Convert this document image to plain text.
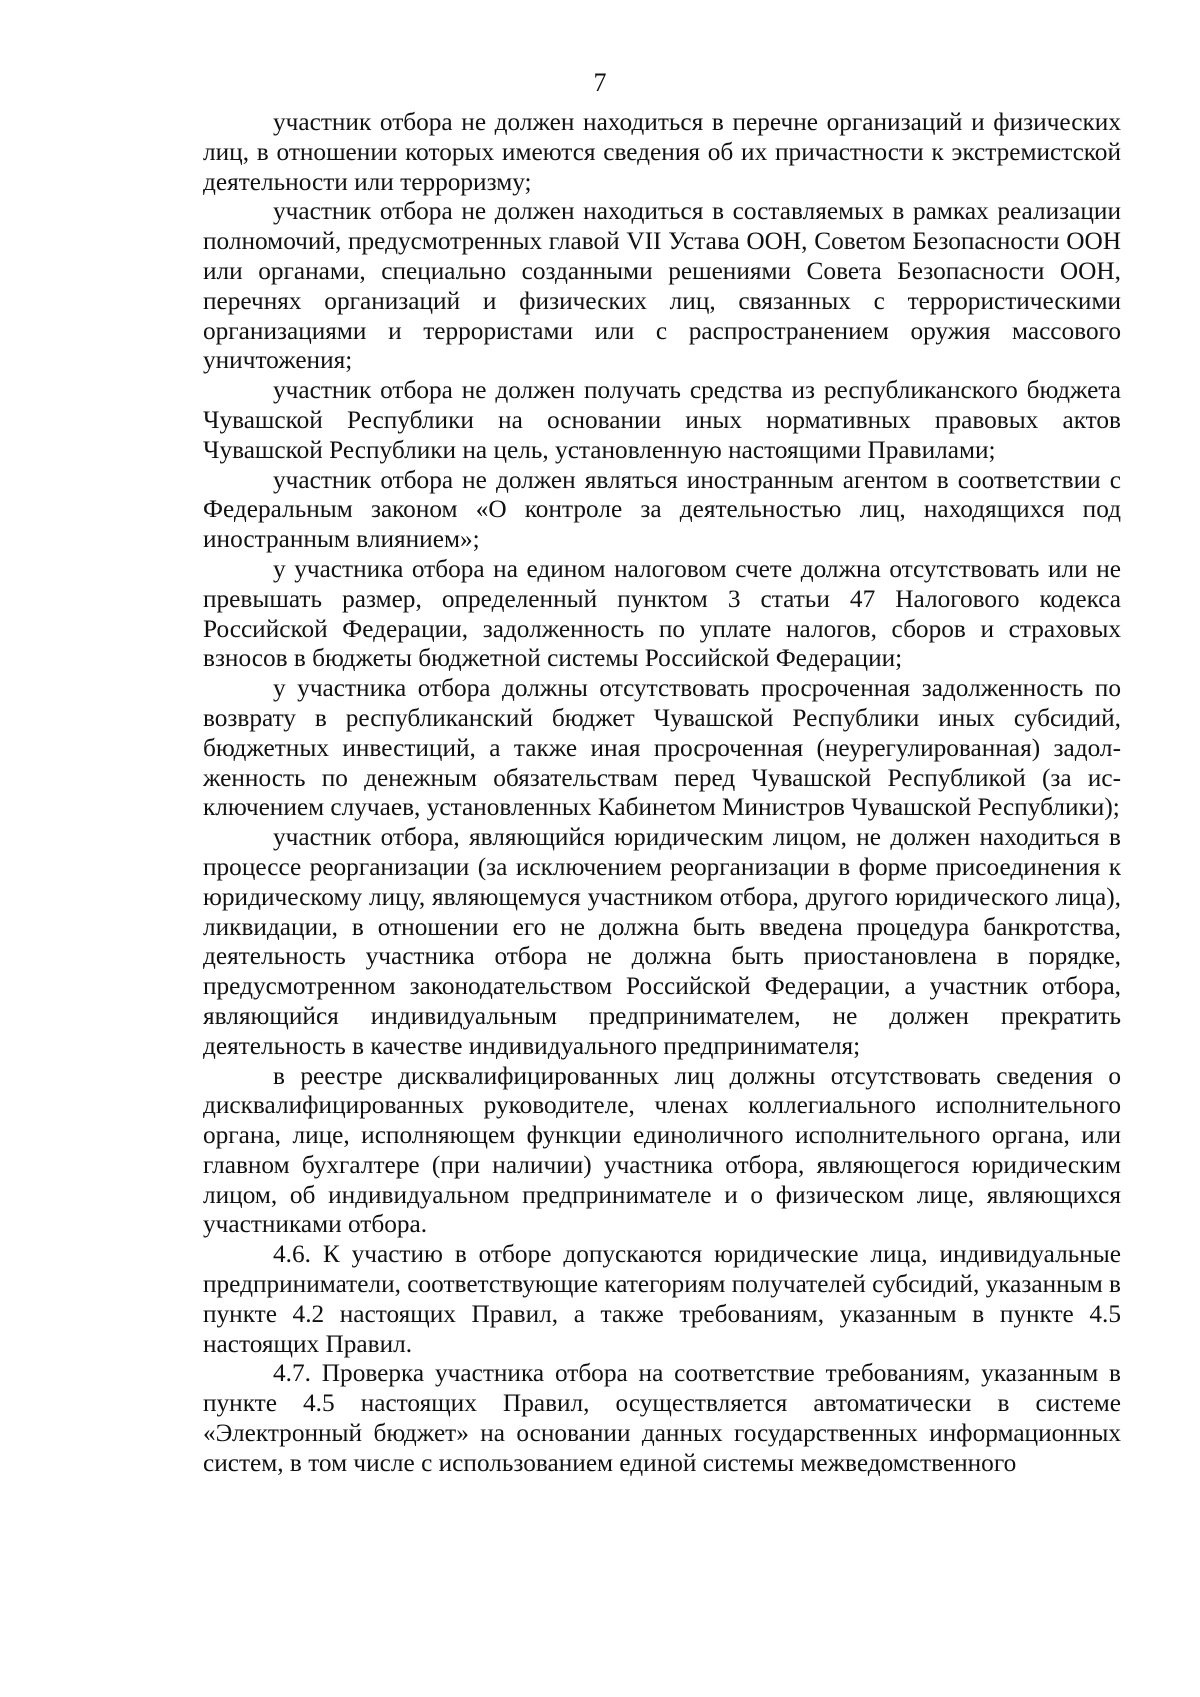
7

участник отбора не должен находиться в перечне организаций и физических лиц, в отношении которых имеются сведения об их причастности к экстремистской деятельности или терроризму;

участник отбора не должен находиться в составляемых в рамках реализации полномочий, предусмотренных главой VII Устава ООН, Советом Безопасности ООН или органами, специально созданными решениями Совета Безопасности ООН, перечнях организаций и физических лиц, связанных с террористическими организациями и террористами или с распространением оружия массового уничтожения;

участник отбора не должен получать средства из республиканского бюджета Чувашской Республики на основании иных нормативных правовых актов Чувашской Республики на цель, установленную настоящими Правилами;

участник отбора не должен являться иностранным агентом в соответствии с Федеральным законом «О контроле за деятельностью лиц, находящихся под иностранным влиянием»;

у участника отбора на едином налоговом счете должна отсутствовать или не превышать размер, определенный пунктом 3 статьи 47 Налогового кодекса Российской Федерации, задолженность по уплате налогов, сборов и страховых взносов в бюджеты бюджетной системы Российской Федерации;

у участника отбора должны отсутствовать просроченная задолженность по возврату в республиканский бюджет Чувашской Республики иных субсидий, бюджетных инвестиций, а также иная просроченная (неурегулированная) задолженность по денежным обязательствам перед Чувашской Республикой (за исключением случаев, установленных Кабинетом Министров Чувашской Республики);

участник отбора, являющийся юридическим лицом, не должен находиться в процессе реорганизации (за исключением реорганизации в форме присоединения к юридическому лицу, являющемуся участником отбора, другого юридического лица), ликвидации, в отношении его не должна быть введена процедура банкротства, деятельность участника отбора не должна быть приостановлена в порядке, предусмотренном законодательством Российской Федерации, а участник отбора, являющийся индивидуальным предпринимателем, не должен прекратить деятельность в качестве индивидуального предпринимателя;

в реестре дисквалифицированных лиц должны отсутствовать сведения о дисквалифицированных руководителе, членах коллегиального исполнительного органа, лице, исполняющем функции единоличного исполнительного органа, или главном бухгалтере (при наличии) участника отбора, являющегося юридическим лицом, об индивидуальном предпринимателе и о физическом лице, являющихся участниками отбора.

4.6. К участию в отборе допускаются юридические лица, индивидуальные предприниматели, соответствующие категориям получателей субсидий, указанным в пункте 4.2 настоящих Правил, а также требованиям, указанным в пункте 4.5 настоящих Правил.

4.7. Проверка участника отбора на соответствие требованиям, указанным в пункте 4.5 настоящих Правил, осуществляется автоматически в системе «Электронный бюджет» на основании данных государственных информационных систем, в том числе с использованием единой системы межведомственного
